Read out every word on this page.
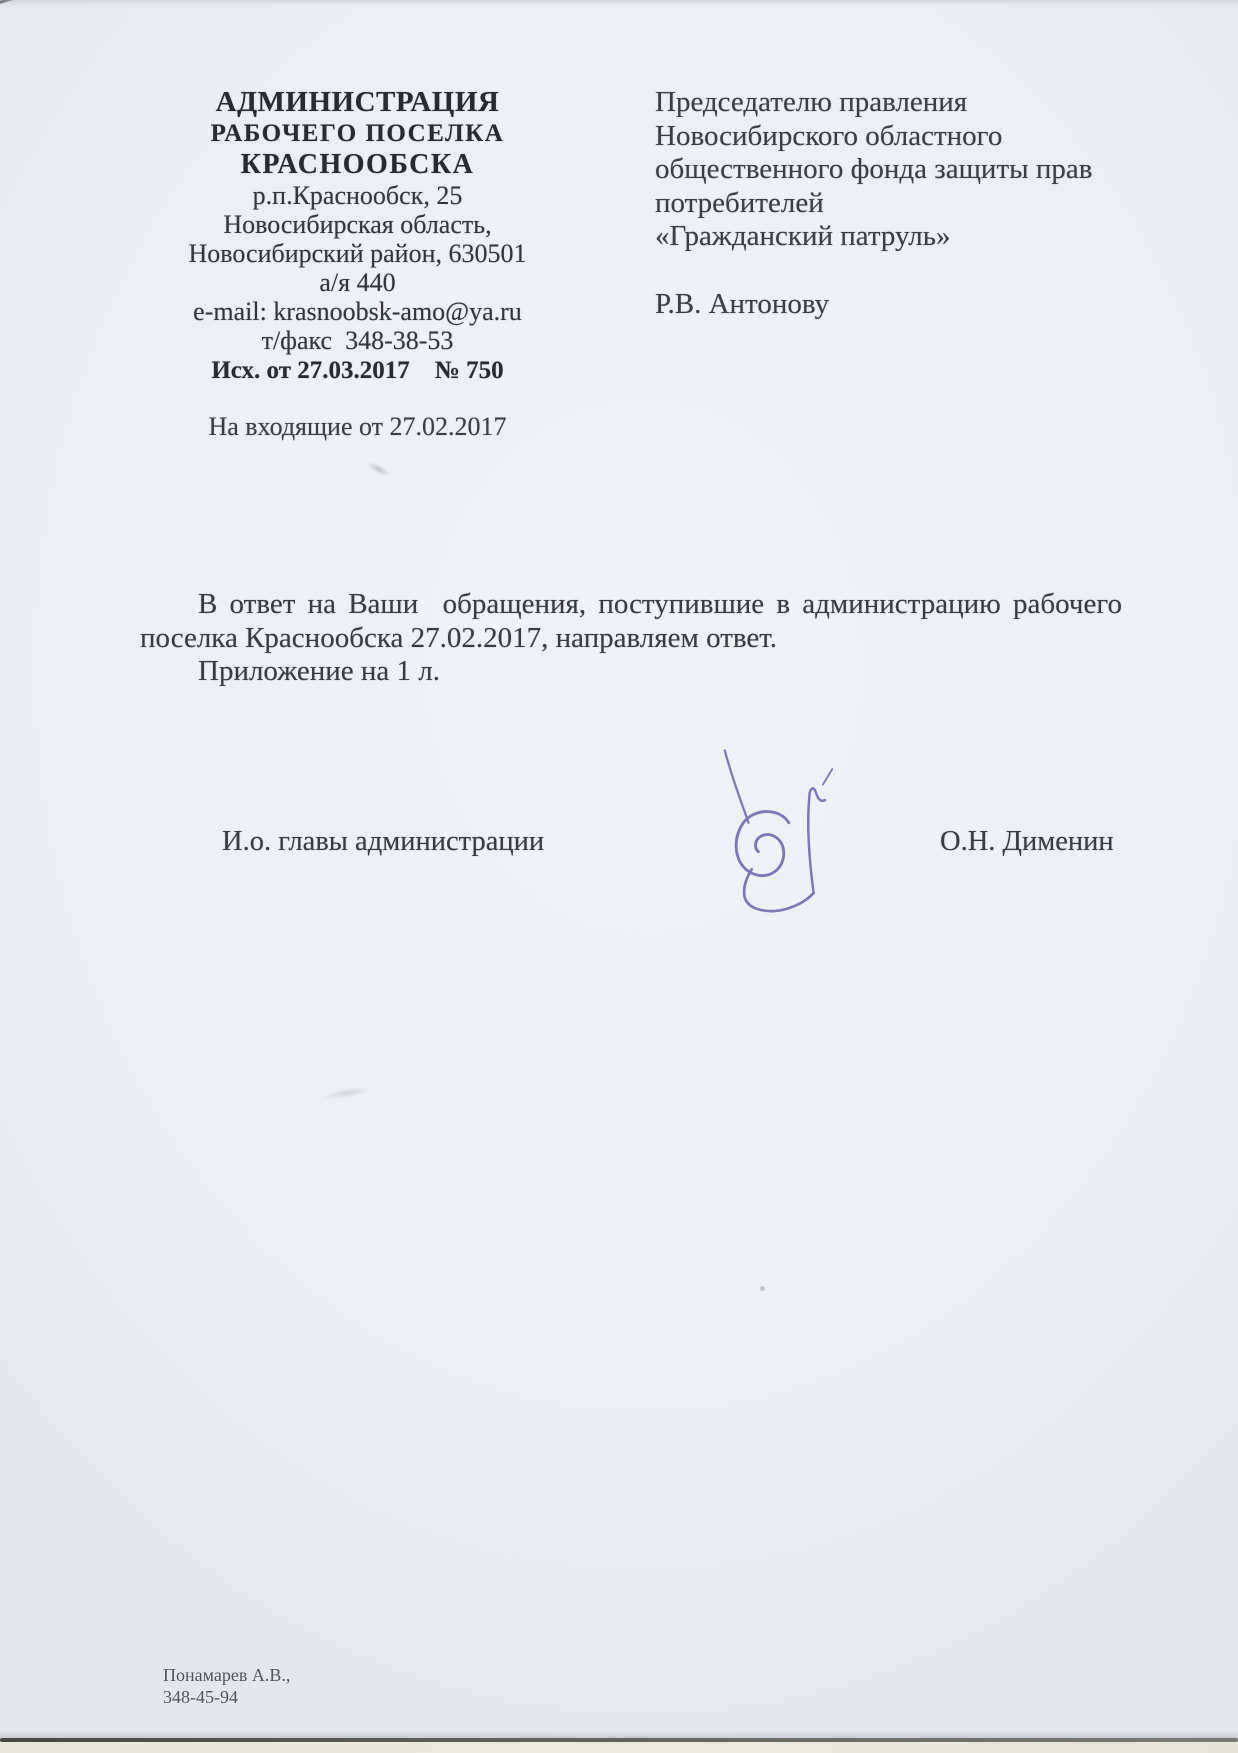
АДМИНИСТРАЦИЯ
РАБОЧЕГО ПОСЕЛКА
КРАСНООБСКА
р.п.Краснообск, 25
Новосибирская область,
Новосибирский район, 630501
а/я 440
e-mail: krasnoobsk-amo@ya.ru
т/факс  348-38-53
Исх. от 27.03.2017    № 750
На входящие от 27.02.2017
Председателю правления
Новосибирского областного
общественного фонда защиты прав
потребителей
«Гражданский патруль»
Р.В. Антонову

В ответ на Ваши  обращения, поступившие в администрацию рабочего поселка Краснообска 27.02.2017, направляем ответ.

Приложение на 1 л.

И.о. главы администрации	О.Н. Дименин
Понамарев А.В.,
348-45-94
